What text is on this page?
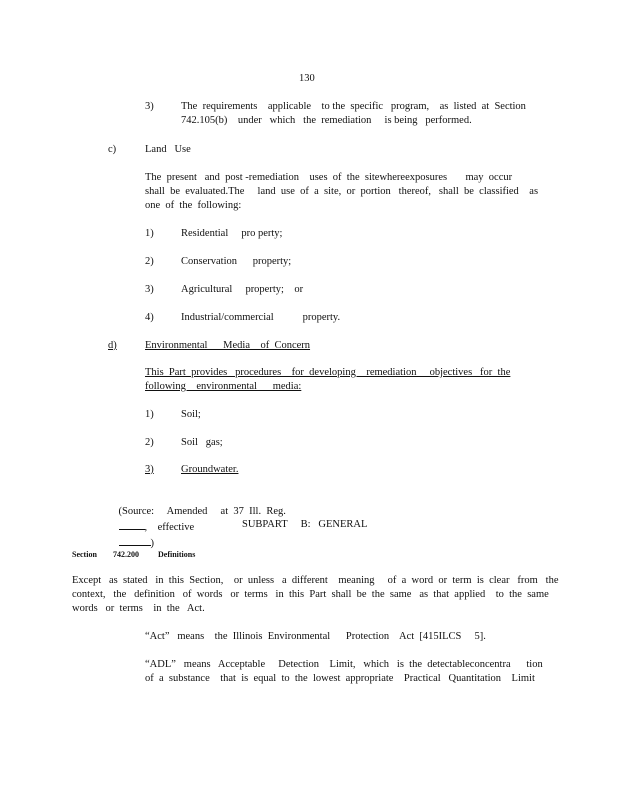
130
3)	The  requirements    applicable    to the  specific   program,    as  listed  at  Section
742.105(b)    under   which   the  remediation     is being   performed.
c)	Land   Use
The  present   and  post -remediation    uses  of  the  sitewhereexposures       may  occur
shall  be  evaluated.The     land  use  of  a  site,  or  portion   thereof,   shall  be  classified    as
one  of  the  following:
1)	Residential     pro perty;
2)	Conservation      property;
3)	Agricultural     property;    or
4)	Industrial/commercial           property.
d)	Environmental      Media    of  Concern
This  Part  provides   procedures    for  developing    remediation     objectives   for  the
following    environmental      media:
1)	Soil;
2)	Soil   gas;
3)	Groundwater.

(Source:     Amended     at  37  Ill.  Reg.
,    effective
)

SUBPART     B:   GENERAL
Section 742.200 Definitions
Except   as  stated   in  this  Section,    or  unless   a  different    meaning     of  a  word  or  term  is  clear   from   the
context,   the   definition   of  words   or  terms   in  this  Part  shall  be  the  same   as  that  applied    to  the  same
words   or  terms    in  the   Act.
“Act”   means    the  Illinois  Environmental      Protection    Act  [415ILCS     5].
“ADL”   means   Acceptable     Detection    Limit,   which   is  the  detectableconcentra      tion
of  a  substance    that  is  equal  to  the  lowest  appropriate    Practical   Quantitation    Limit
